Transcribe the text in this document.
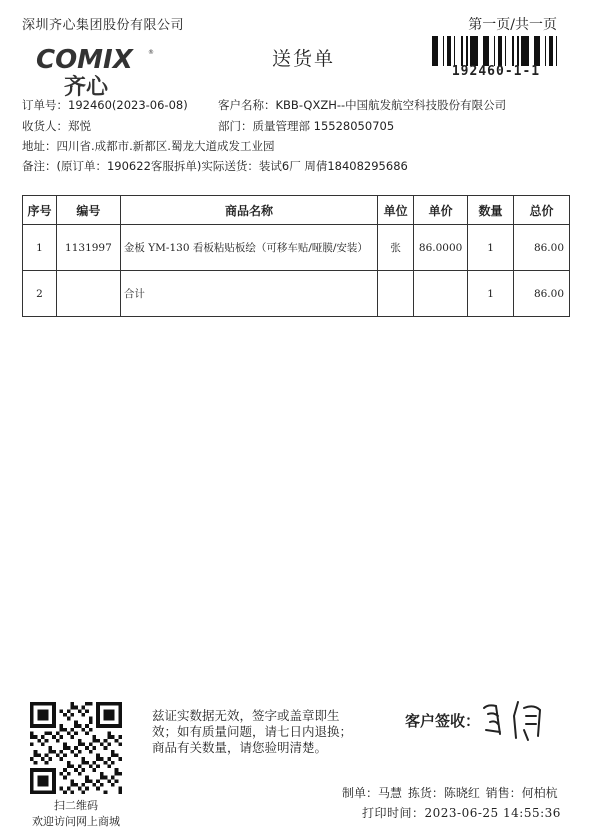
深圳齐心集团股份有限公司	第一页/共一页
COMIX	®
齐心
送货单
192460-1-1
订单号：192460(2023-06-08)	客户名称：KBB-QXZH--中国航发航空科技股份有限公司
收货人：郑悦	部门：质量管理部 15528050705
地址：四川省.成都市.新都区.蜀龙大道成发工业园
备注：(原订单：190622客服拆单)实际送货：装试6厂 周倩18408295686
序号	编号	商品名称	单位	单价	数量	总价
1	1131997	金板 YM-130 看板粘贴板绘（可移车贴/哑膜/安装）	张	86.0000	1	86.00
2		合计			1	86.00
扫二维码
欢迎访问网上商城
兹证实数据无效，签字或盖章即生效；如有质量问题，请七日内退换；商品有关数量，请您验明清楚。
客户签收：
制单：马慧 拣货：陈晓红 销售：何柏杭
打印时间：2023-06-25 14:55:36
